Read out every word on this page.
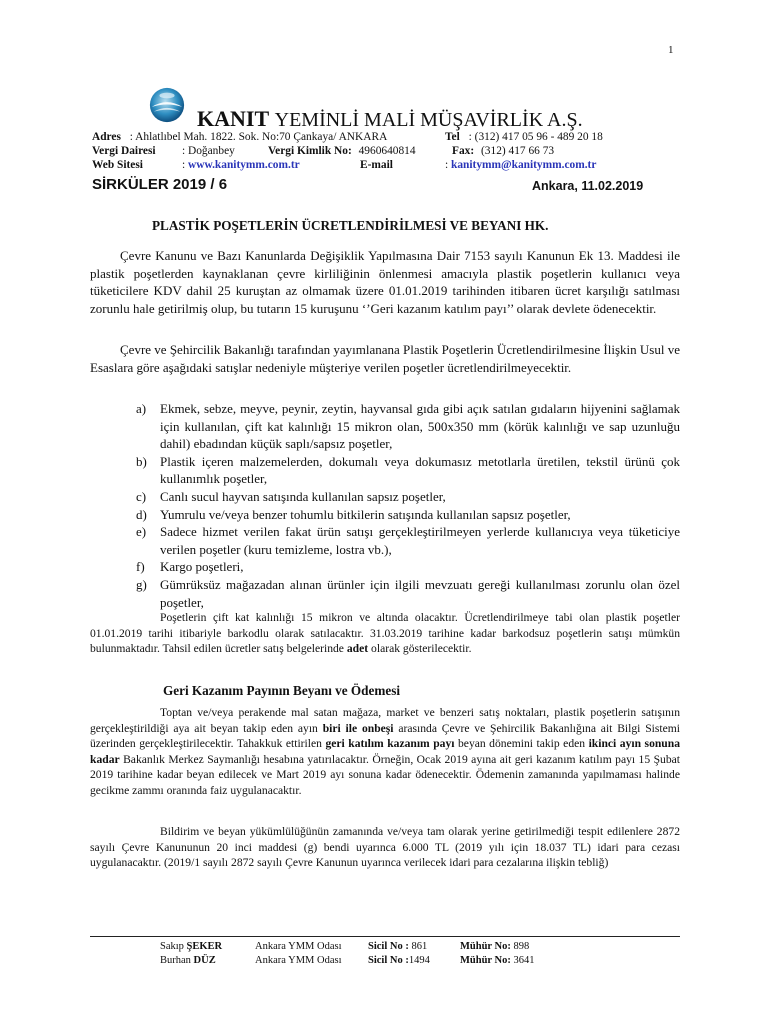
1
KANIT YEMİNLİ MALİ MÜŞAVİRLİK A.Ş.
Adres : Ahlatlıbel Mah. 1822. Sok. No:70 Çankaya/ ANKARA	Tel : (312) 417 05 96 - 489 20 18
Vergi Dairesi : Doğanbey	Vergi Kimlik No: 4960640814	Fax: (312) 417 66 73
Web Sitesi	: www.kanitymm.com.tr	E-mail	: kanitymm@kanitymm.com.tr
SİRKÜLER 2019 / 6	Ankara, 11.02.2019
PLASTİK POŞETLERİN ÜCRETLENDİRİLMESİ VE BEYANI HK.

Çevre Kanunu ve Bazı Kanunlarda Değişiklik Yapılmasına Dair 7153 sayılı Kanunun Ek 13. Maddesi ile plastik poşetlerden kaynaklanan çevre kirliliğinin önlenmesi amacıyla plastik poşetlerin kullanıcı veya tüketicilere KDV dahil 25 kuruştan az olmamak üzere 01.01.2019 tarihinden itibaren ücret karşılığı satılması zorunlu hale getirilmiş olup, bu tutarın 15 kuruşunu ‘’Geri kazanım katılım payı’’ olarak devlete ödenecektir.

Çevre ve Şehircilik Bakanlığı tarafından yayımlanana Plastik Poşetlerin Ücretlendirilmesine İlişkin Usul ve Esaslara göre aşağıdaki satışlar nedeniyle müşteriye verilen poşetler ücretlendirilmeyecektir.

a) Ekmek, sebze, meyve, peynir, zeytin, hayvansal gıda gibi açık satılan gıdaların hijyenini sağlamak için kullanılan, çift kat kalınlığı 15 mikron olan, 500x350 mm (körük kalınlığı ve sap uzunluğu dahil) ebadından küçük saplı/sapsız poşetler,
b) Plastik içeren malzemelerden, dokumalı veya dokumasız metotlarla üretilen, tekstil ürünü çok kullanımlık poşetler,
c) Canlı sucul hayvan satışında kullanılan sapsız poşetler,
d) Yumrulu ve/veya benzer tohumlu bitkilerin satışında kullanılan sapsız poşetler,
e) Sadece hizmet verilen fakat ürün satışı gerçekleştirilmeyen yerlerde kullanıcıya veya tüketiciye verilen poşetler (kuru temizleme, lostra vb.),
f) Kargo poşetleri,
g) Gümrüksüz mağazadan alınan ürünler için ilgili mevzuatı gereği kullanılması zorunlu olan özel poşetler,

Poşetlerin çift kat kalınlığı 15 mikron ve altında olacaktır. Ücretlendirilmeye tabi olan plastik poşetler 01.01.2019 tarihi itibariyle barkodlu olarak satılacaktır. 31.03.2019 tarihine kadar barkodsuz poşetlerin satışı mümkün bulunmaktadır. Tahsil edilen ücretler satış belgelerinde adet olarak gösterilecektir.

Geri Kazanım Payının Beyanı ve Ödemesi

Toptan ve/veya perakende mal satan mağaza, market ve benzeri satış noktaları, plastik poşetlerin satışının gerçekleştirildiği aya ait beyan takip eden ayın biri ile onbeşi arasında Çevre ve Şehircilik Bakanlığına ait Bilgi Sistemi üzerinden gerçekleştirilecektir. Tahakkuk ettirilen geri katılım kazanım payı beyan dönemini takip eden ikinci ayın sonuna kadar Bakanlık Merkez Saymanlığı hesabına yatırılacaktır. Örneğin, Ocak 2019 ayına ait geri kazanım katılım payı 15 Şubat 2019 tarihine kadar beyan edilecek ve Mart 2019 ayı sonuna kadar ödenecektir. Ödemenin zamanında yapılmaması halinde gecikme zammı oranında faiz uygulanacaktır.

Bildirim ve beyan yükümlülüğünün zamanında ve/veya tam olarak yerine getirilmediği tespit edilenlere 2872 sayılı Çevre Kanununun 20 inci maddesi (g) bendi uyarınca 6.000 TL (2019 yılı için 18.037 TL) idari para cezası uygulanacaktır. (2019/1 sayılı 2872 sayılı Çevre Kanunun uyarınca verilecek idari para cezalarına ilişkin tebliğ)

Sakıp ŞEKER	Ankara YMM Odası	Sicil No : 861	Mühür No: 898
Burhan DÜZ	Ankara YMM Odası	Sicil No :1494	Mühür No: 3641
